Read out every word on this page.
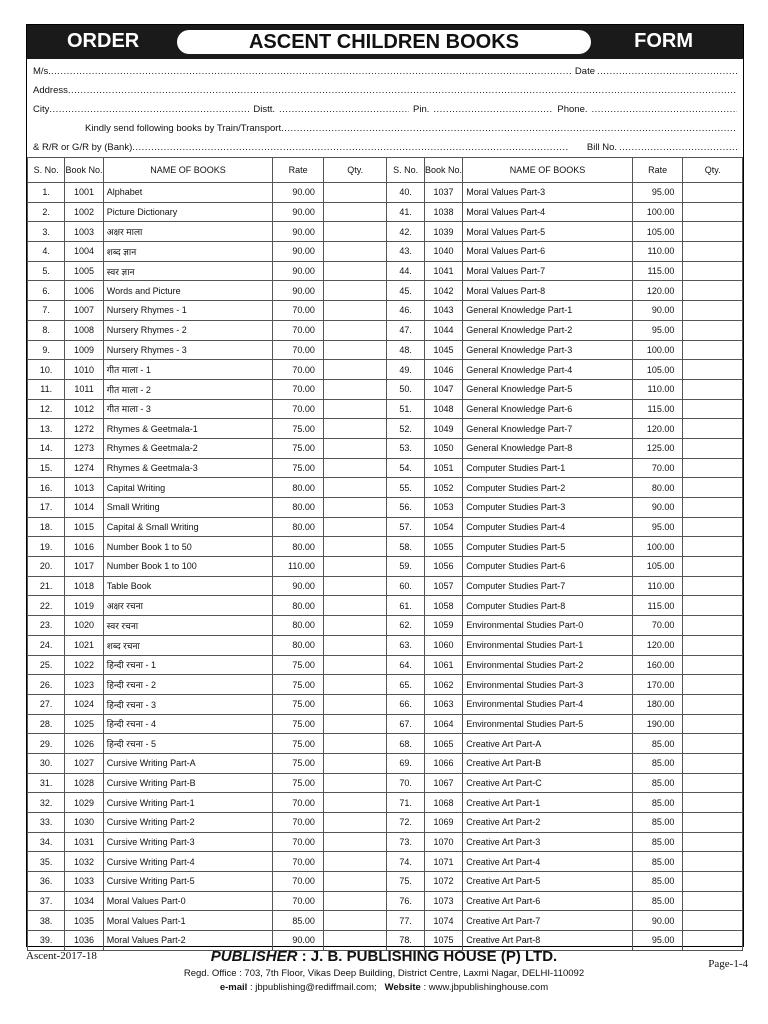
ORDER	ASCENT CHILDREN BOOKS	FORM
M/s. .....	Date
.....
Address
.....
City .....	Distt. .....	Pin. .....	Phone.
.....
Kindly send following books by Train/Transport
.....
& R/R or G/R by (Bank) .....	Bill No.
.....
S. No.	Book No.	NAME OF BOOKS	Rate	Qty.	S. No.	Book No.	NAME OF BOOKS	Rate	Qty.
1.	1001	Alphabet	90.00		40.	1037	Moral Values Part-3	95.00	
2.	1002	Picture Dictionary	90.00		41.	1038	Moral Values Part-4	100.00	
3.	1003	अक्षर माला	90.00		42.	1039	Moral Values Part-5	105.00	
4.	1004	शब्द ज्ञान	90.00		43.	1040	Moral Values Part-6	110.00	
5.	1005	स्वर ज्ञान	90.00		44.	1041	Moral Values Part-7	115.00	
6.	1006	Words and Picture	90.00		45.	1042	Moral Values Part-8	120.00	
7.	1007	Nursery Rhymes - 1	70.00		46.	1043	General Knowledge Part-1	90.00	
8.	1008	Nursery Rhymes - 2	70.00		47.	1044	General Knowledge Part-2	95.00	
9.	1009	Nursery Rhymes - 3	70.00		48.	1045	General Knowledge Part-3	100.00	
10.	1010	गीत माला - 1	70.00		49.	1046	General Knowledge Part-4	105.00	
11.	1011	गीत माला - 2	70.00		50.	1047	General Knowledge Part-5	110.00	
12.	1012	गीत माला - 3	70.00		51.	1048	General Knowledge Part-6	115.00	
13.	1272	Rhymes & Geetmala-1	75.00		52.	1049	General Knowledge Part-7	120.00	
14.	1273	Rhymes & Geetmala-2	75.00		53.	1050	General Knowledge Part-8	125.00	
15.	1274	Rhymes & Geetmala-3	75.00		54.	1051	Computer Studies Part-1	70.00	
16.	1013	Capital Writing	80.00		55.	1052	Computer Studies Part-2	80.00	
17.	1014	Small Writing	80.00		56.	1053	Computer Studies Part-3	90.00	
18.	1015	Capital & Small Writing	80.00		57.	1054	Computer Studies Part-4	95.00	
19.	1016	Number Book 1 to 50	80.00		58.	1055	Computer Studies Part-5	100.00	
20.	1017	Number Book 1 to 100	110.00		59.	1056	Computer Studies Part-6	105.00	
21.	1018	Table Book	90.00		60.	1057	Computer Studies Part-7	110.00	
22.	1019	अक्षर रचना	80.00		61.	1058	Computer Studies Part-8	115.00	
23.	1020	स्वर रचना	80.00		62.	1059	Environmental Studies Part-0	70.00	
24.	1021	शब्द रचना	80.00		63.	1060	Environmental Studies Part-1	120.00	
25.	1022	हिन्दी रचना - 1	75.00		64.	1061	Environmental Studies Part-2	160.00	
26.	1023	हिन्दी रचना - 2	75.00		65.	1062	Environmental Studies Part-3	170.00	
27.	1024	हिन्दी रचना - 3	75.00		66.	1063	Environmental Studies Part-4	180.00	
28.	1025	हिन्दी रचना - 4	75.00		67.	1064	Environmental Studies Part-5	190.00	
29.	1026	हिन्दी रचना - 5	75.00		68.	1065	Creative Art Part-A	85.00	
30.	1027	Cursive Writing Part-A	75.00		69.	1066	Creative Art Part-B	85.00	
31.	1028	Cursive Writing Part-B	75.00		70.	1067	Creative Art Part-C	85.00	
32.	1029	Cursive Writing Part-1	70.00		71.	1068	Creative Art Part-1	85.00	
33.	1030	Cursive Writing Part-2	70.00		72.	1069	Creative Art Part-2	85.00	
34.	1031	Cursive Writing Part-3	70.00		73.	1070	Creative Art Part-3	85.00	
35.	1032	Cursive Writing Part-4	70.00		74.	1071	Creative Art Part-4	85.00	
36.	1033	Cursive Writing Part-5	70.00		75.	1072	Creative Art Part-5	85.00	
37.	1034	Moral Values Part-0	70.00		76.	1073	Creative Art Part-6	85.00	
38.	1035	Moral Values Part-1	85.00		77.	1074	Creative Art Part-7	90.00	
39.	1036	Moral Values Part-2	90.00		78.	1075	Creative Art Part-8	95.00	
Ascent-2017-18
Page-1-4
PUBLISHER : J. B. PUBLISHING HOUSE (P) LTD.
Regd. Office : 703, 7th Floor, Vikas Deep Building, District Centre, Laxmi Nagar, DELHI-110092
e-mail : jbpublishing@rediffmail.com; Website : www.jbpublishinghouse.com
